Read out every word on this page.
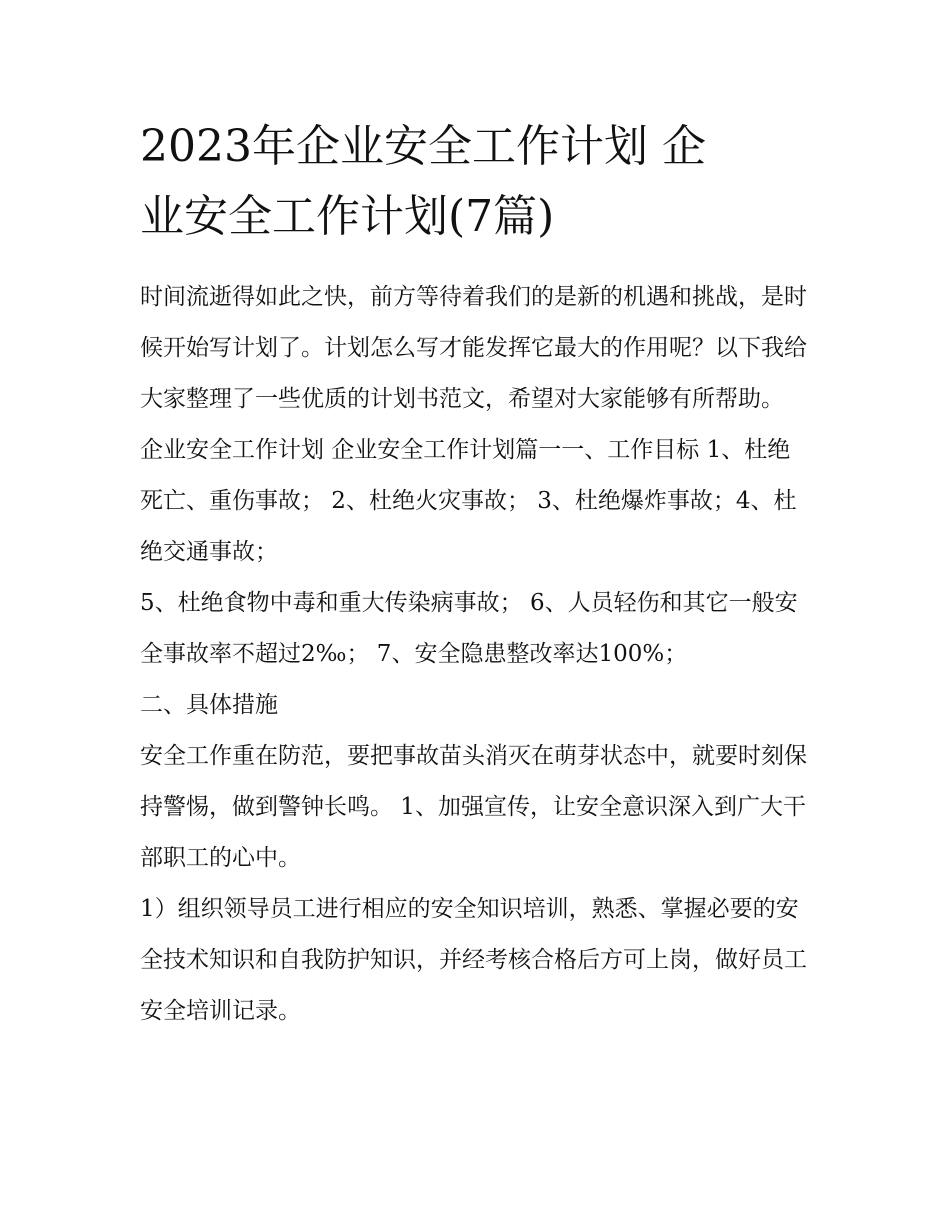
2023年企业安全工作计划 企
业安全工作计划(7篇)

时间流逝得如此之快，前方等待着我们的是新的机遇和挑战，是时候开始写计划了。计划怎么写才能发挥它最大的作用呢？以下我给大家整理了一些优质的计划书范文，希望对大家能够有所帮助。

企业安全工作计划 企业安全工作计划篇一一、工作目标 1、杜绝死亡、重伤事故； 2、杜绝火灾事故； 3、杜绝爆炸事故；4、杜绝交通事故；

5、杜绝食物中毒和重大传染病事故； 6、人员轻伤和其它一般安全事故率不超过2‰； 7、安全隐患整改率达100%；

二、具体措施

安全工作重在防范，要把事故苗头消灭在萌芽状态中，就要时刻保持警惕，做到警钟长鸣。 1、加强宣传，让安全意识深入到广大干部职工的心中。

1）组织领导员工进行相应的安全知识培训，熟悉、掌握必要的安全技术知识和自我防护知识，并经考核合格后方可上岗，做好员工安全培训记录。
